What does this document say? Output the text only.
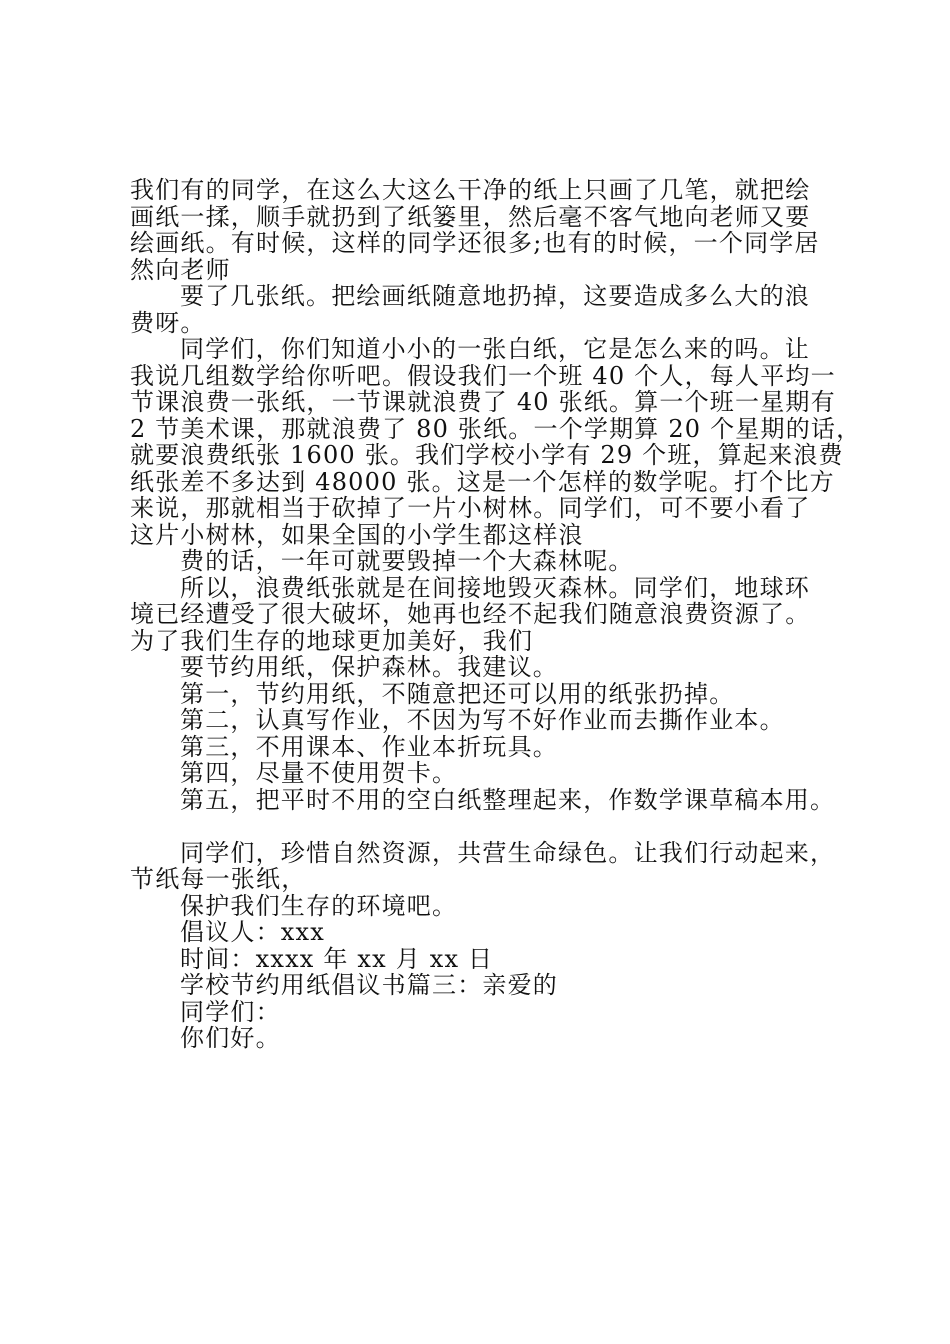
我们有的同学，在这么大这么干净的纸上只画了几笔，就把绘
画纸一揉，顺手就扔到了纸篓里，然后毫不客气地向老师又要
绘画纸。有时候，这样的同学还很多;也有的时候，一个同学居
然向老师
要了几张纸。把绘画纸随意地扔掉，这要造成多么大的浪
费呀。
同学们，你们知道小小的一张白纸，它是怎么来的吗。让
我说几组数学给你听吧。假设我们一个班 40 个人，每人平均一
节课浪费一张纸，一节课就浪费了 40 张纸。算一个班一星期有
2 节美术课，那就浪费了 80 张纸。一个学期算 20 个星期的话，
就要浪费纸张 1600 张。我们学校小学有 29 个班，算起来浪费
纸张差不多达到 48000 张。这是一个怎样的数学呢。打个比方
来说，那就相当于砍掉了一片小树林。同学们，可不要小看了
这片小树林，如果全国的小学生都这样浪
费的话，一年可就要毁掉一个大森林呢。
所以，浪费纸张就是在间接地毁灭森林。同学们，地球环
境已经遭受了很大破坏，她再也经不起我们随意浪费资源了。
为了我们生存的地球更加美好，我们
要节约用纸，保护森林。我建议。
第一，节约用纸，不随意把还可以用的纸张扔掉。
第二，认真写作业，不因为写不好作业而去撕作业本。
第三，不用课本、作业本折玩具。
第四，尽量不使用贺卡。
第五，把平时不用的空白纸整理起来，作数学课草稿本用。
同学们，珍惜自然资源，共营生命绿色。让我们行动起来，
节纸每一张纸，
保护我们生存的环境吧。
倡议人：xxx
时间：xxxx 年 xx 月 xx 日
学校节约用纸倡议书篇三：亲爱的
同学们：
你们好。
